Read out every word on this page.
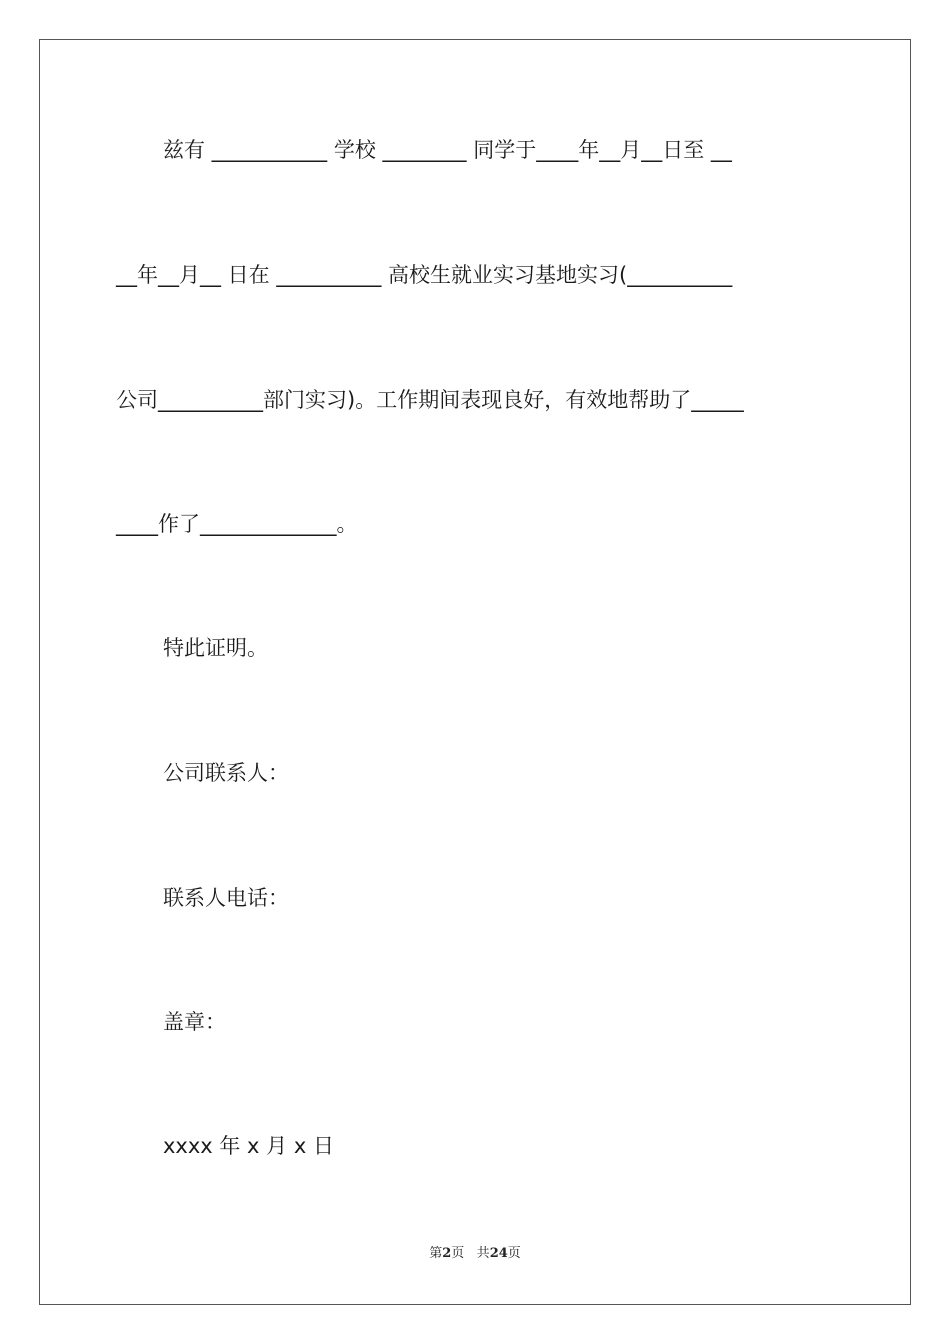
兹有 ___________ 学校 ________ 同学于____年__月__日至 __
__年__月__ 日在 __________ 高校生就业实习基地实习(__________
公司__________部门实习)。工作期间表现良好，有效地帮助了_____
____作了_____________。
特此证明。
公司联系人：
联系人电话：
盖章：
xxxx 年 x 月 x 日
第2页 共24页
